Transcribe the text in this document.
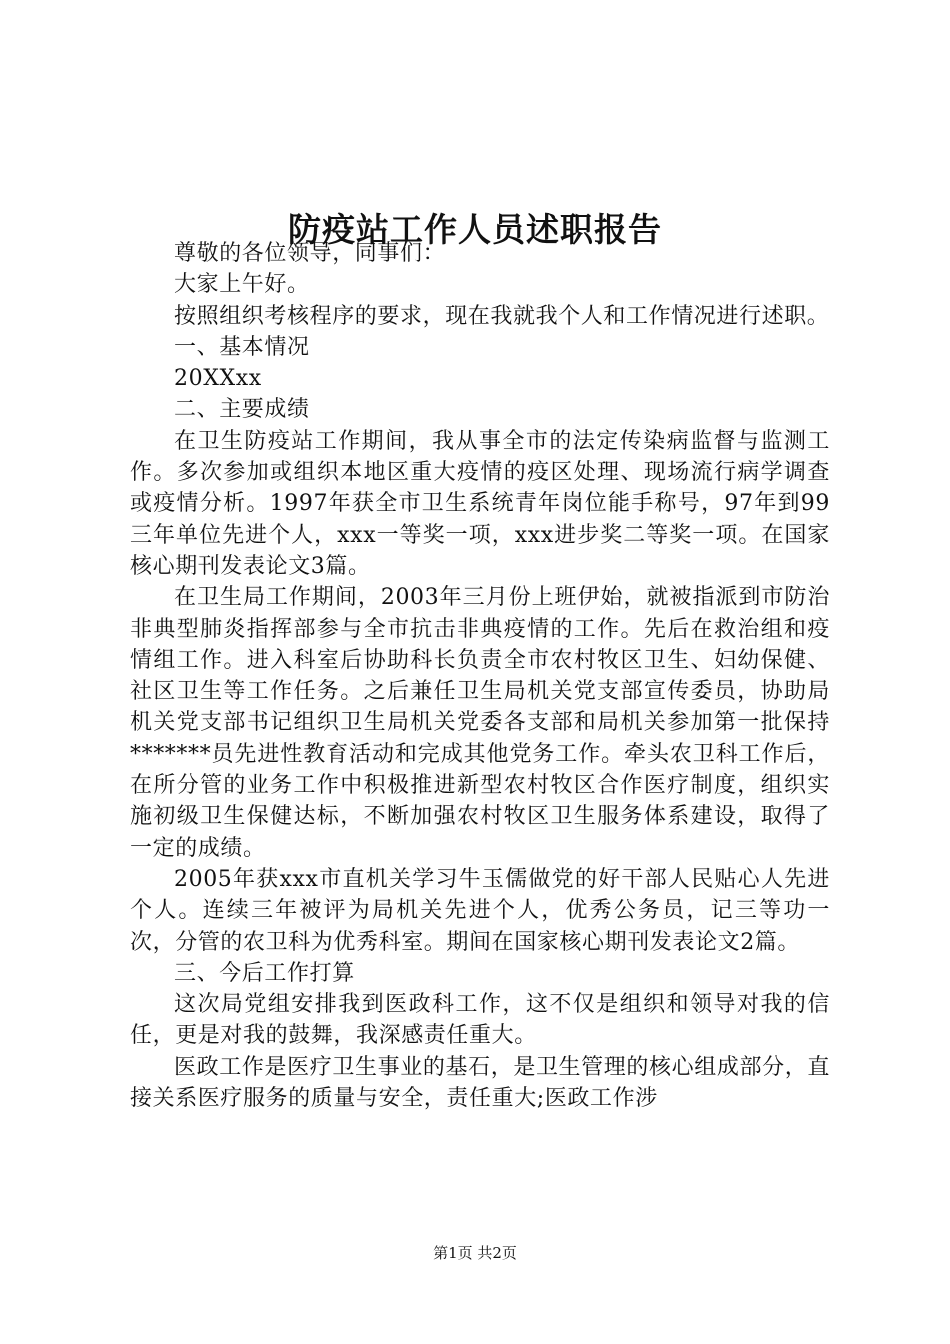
防疫站工作人员述职报告

尊敬的各位领导，同事们：

大家上午好。

按照组织考核程序的要求，现在我就我个人和工作情况进行述职。

一、基本情况

20XXxx

二、主要成绩

在卫生防疫站工作期间，我从事全市的法定传染病监督与监测工作。多次参加或组织本地区重大疫情的疫区处理、现场流行病学调查或疫情分析。1997年获全市卫生系统青年岗位能手称号，97年到99三年单位先进个人，xxx一等奖一项，xxx进步奖二等奖一项。在国家核心期刊发表论文3篇。

在卫生局工作期间，2003年三月份上班伊始，就被指派到市防治非典型肺炎指挥部参与全市抗击非典疫情的工作。先后在救治组和疫情组工作。进入科室后协助科长负责全市农村牧区卫生、妇幼保健、社区卫生等工作任务。之后兼任卫生局机关党支部宣传委员，协助局机关党支部书记组织卫生局机关党委各支部和局机关参加第一批保持*******员先进性教育活动和完成其他党务工作。牵头农卫科工作后，在所分管的业务工作中积极推进新型农村牧区合作医疗制度，组织实施初级卫生保健达标，不断加强农村牧区卫生服务体系建设，取得了一定的成绩。

2005年获xxx市直机关学习牛玉儒做党的好干部人民贴心人先进个人。连续三年被评为局机关先进个人，优秀公务员，记三等功一次，分管的农卫科为优秀科室。期间在国家核心期刊发表论文2篇。

三、今后工作打算

这次局党组安排我到医政科工作，这不仅是组织和领导对我的信任，更是对我的鼓舞，我深感责任重大。

医政工作是医疗卫生事业的基石，是卫生管理的核心组成部分，直接关系医疗服务的质量与安全，责任重大;医政工作涉

第1页 共2页
